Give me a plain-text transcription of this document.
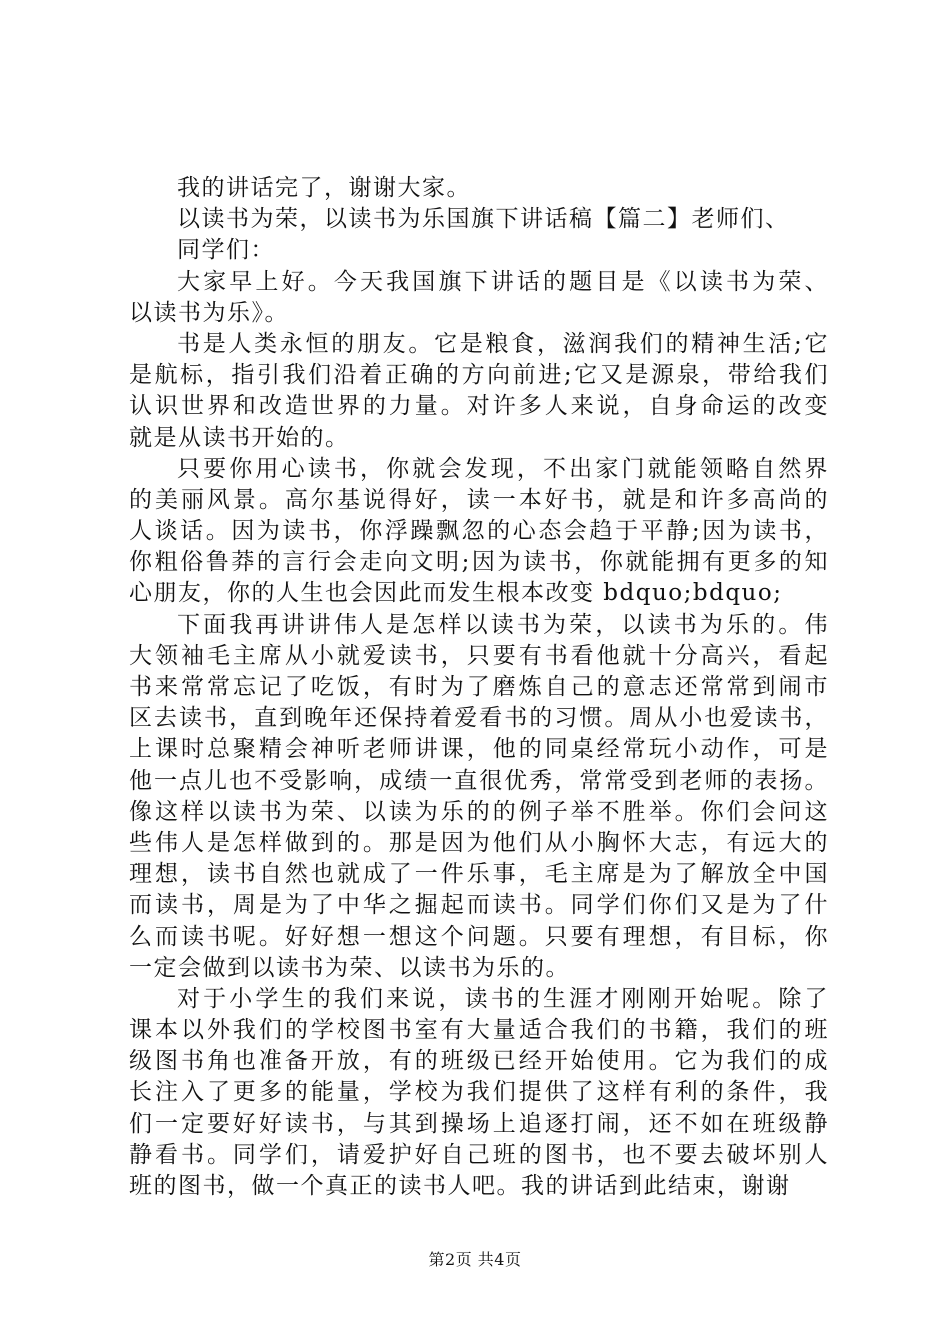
我的讲话完了，谢谢大家。
以读书为荣，以读书为乐国旗下讲话稿【篇二】老师们、
同学们：
大家早上好。今天我国旗下讲话的题目是《以读书为荣、
以读书为乐》。
书是人类永恒的朋友。它是粮食，滋润我们的精神生活;它
是航标，指引我们沿着正确的方向前进;它又是源泉，带给我们
认识世界和改造世界的力量。对许多人来说，自身命运的改变
就是从读书开始的。
只要你用心读书，你就会发现，不出家门就能领略自然界
的美丽风景。高尔基说得好，读一本好书，就是和许多高尚的
人谈话。因为读书，你浮躁飘忽的心态会趋于平静;因为读书，
你粗俗鲁莽的言行会走向文明;因为读书，你就能拥有更多的知
心朋友，你的人生也会因此而发生根本改变 bdquo;bdquo;
下面我再讲讲伟人是怎样以读书为荣，以读书为乐的。伟
大领袖毛主席从小就爱读书，只要有书看他就十分高兴，看起
书来常常忘记了吃饭，有时为了磨炼自己的意志还常常到闹市
区去读书，直到晚年还保持着爱看书的习惯。周从小也爱读书，
上课时总聚精会神听老师讲课，他的同桌经常玩小动作，可是
他一点儿也不受影响，成绩一直很优秀，常常受到老师的表扬。
像这样以读书为荣、以读为乐的的例子举不胜举。你们会问这
些伟人是怎样做到的。那是因为他们从小胸怀大志，有远大的
理想，读书自然也就成了一件乐事，毛主席是为了解放全中国
而读书，周是为了中华之掘起而读书。同学们你们又是为了什
么而读书呢。好好想一想这个问题。只要有理想，有目标，你
一定会做到以读书为荣、以读书为乐的。
对于小学生的我们来说，读书的生涯才刚刚开始呢。除了
课本以外我们的学校图书室有大量适合我们的书籍，我们的班
级图书角也准备开放，有的班级已经开始使用。它为我们的成
长注入了更多的能量，学校为我们提供了这样有利的条件，我
们一定要好好读书，与其到操场上追逐打闹，还不如在班级静
静看书。同学们，请爱护好自己班的图书，也不要去破坏别人
班的图书，做一个真正的读书人吧。我的讲话到此结束，谢谢
第2页 共4页
